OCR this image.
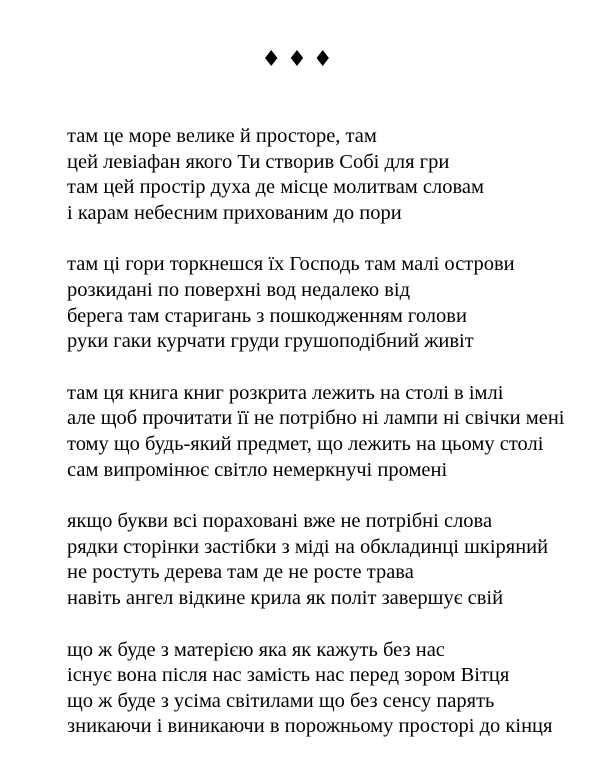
♦♦♦
там це море велике й просторе, там
цей левіафан якого Ти створив Собі для гри
там цей простір духа де місце молитвам словам
і карам небесним прихованим до пори
там ці гори торкнешся їх Господь там малі острови
розкидані по поверхні вод недалеко від
берега там старигань з пошкодженням голови
руки гаки курчати груди грушоподібний живіт
там ця книга книг розкрита лежить на столі в імлі
але щоб прочитати її не потрібно ні лампи ні свічки мені
тому що будь-який предмет, що лежить на цьому столі
сам випромінює світло немеркнучі промені
якщо букви всі пораховані вже не потрібні слова
рядки сторінки застібки з міді на обкладинці шкіряний
не ростуть дерева там де не росте трава
навіть ангел відкине крила як політ завершує свій
що ж буде з матерією яка як кажуть без нас
існує вона після нас замість нас перед зором Вітця
що ж буде з усіма світилами що без сенсу парять
зникаючи і виникаючи в порожньому просторі до кінця
